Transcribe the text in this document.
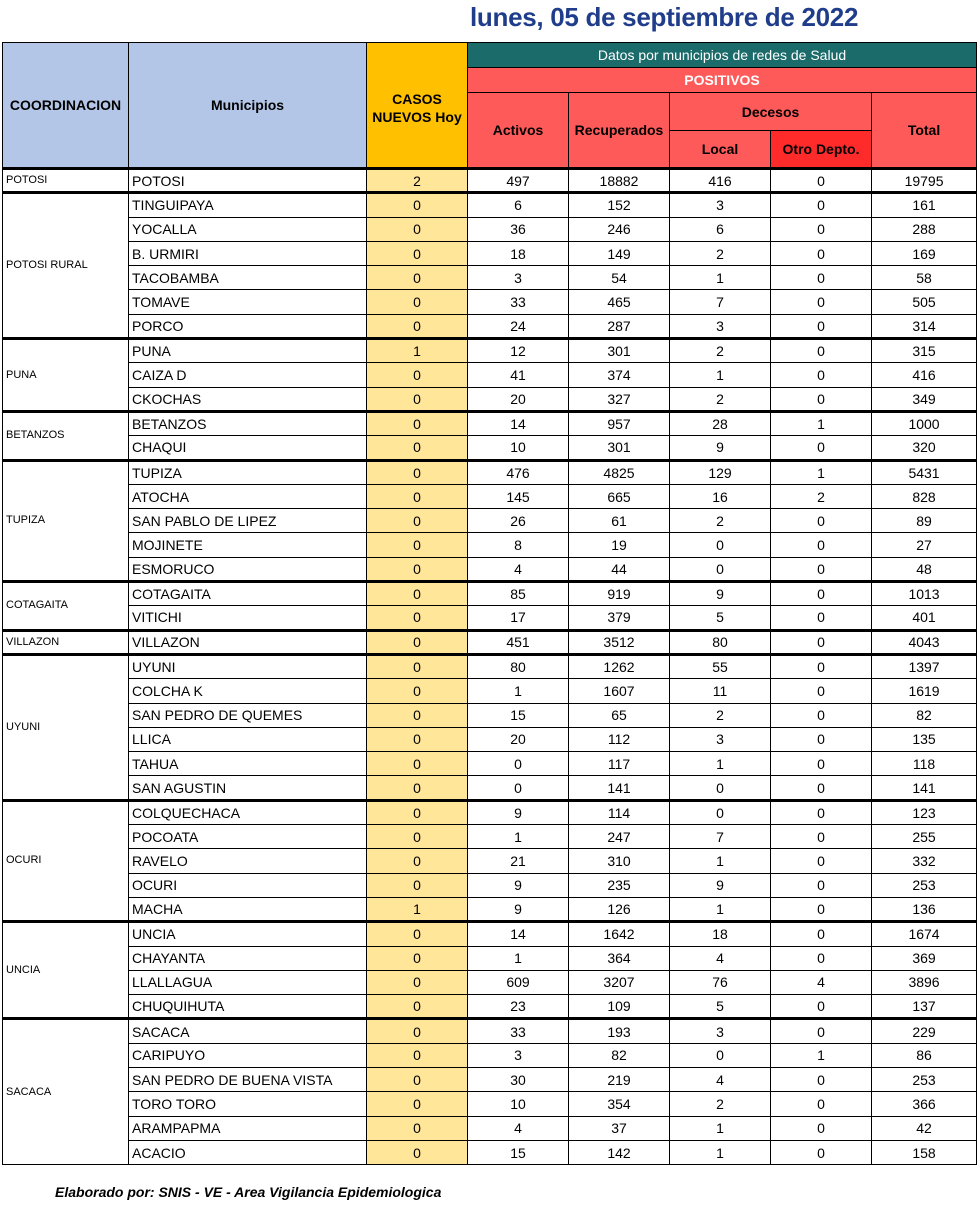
lunes, 05 de septiembre de 2022
COORDINACION	Municipios	CASOS NUEVOS Hoy	Datos por municipios de redes de Salud				
			POSITIVOS				
			Activos	Recuperados	Decesos		Total
					Local	Otro Depto.	
POTOSI	POTOSI	2	497	18882	416	0	19795
POTOSI RURAL	TINGUIPAYA	0	6	152	3	0	161
	YOCALLA	0	36	246	6	0	288
	B. URMIRI	0	18	149	2	0	169
	TACOBAMBA	0	3	54	1	0	58
	TOMAVE	0	33	465	7	0	505
	PORCO	0	24	287	3	0	314
PUNA	PUNA	1	12	301	2	0	315
	CAIZA D	0	41	374	1	0	416
	CKOCHAS	0	20	327	2	0	349
BETANZOS	BETANZOS	0	14	957	28	1	1000
	CHAQUI	0	10	301	9	0	320
TUPIZA	TUPIZA	0	476	4825	129	1	5431
	ATOCHA	0	145	665	16	2	828
	SAN PABLO DE LIPEZ	0	26	61	2	0	89
	MOJINETE	0	8	19	0	0	27
	ESMORUCO	0	4	44	0	0	48
COTAGAITA	COTAGAITA	0	85	919	9	0	1013
	VITICHI	0	17	379	5	0	401
VILLAZON	VILLAZON	0	451	3512	80	0	4043
UYUNI	UYUNI	0	80	1262	55	0	1397
	COLCHA K	0	1	1607	11	0	1619
	SAN PEDRO DE QUEMES	0	15	65	2	0	82
	LLICA	0	20	112	3	0	135
	TAHUA	0	0	117	1	0	118
	SAN AGUSTIN	0	0	141	0	0	141
OCURI	COLQUECHACA	0	9	114	0	0	123
	POCOATA	0	1	247	7	0	255
	RAVELO	0	21	310	1	0	332
	OCURI	0	9	235	9	0	253
	MACHA	1	9	126	1	0	136
UNCIA	UNCIA	0	14	1642	18	0	1674
	CHAYANTA	0	1	364	4	0	369
	LLALLAGUA	0	609	3207	76	4	3896
	CHUQUIHUTA	0	23	109	5	0	137
SACACA	SACACA	0	33	193	3	0	229
	CARIPUYO	0	3	82	0	1	86
	SAN PEDRO DE BUENA VISTA	0	30	219	4	0	253
	TORO TORO	0	10	354	2	0	366
	ARAMPAPMA	0	4	37	1	0	42
	ACACIO	0	15	142	1	0	158
Elaborado por: SNIS - VE - Area Vigilancia Epidemiologica
